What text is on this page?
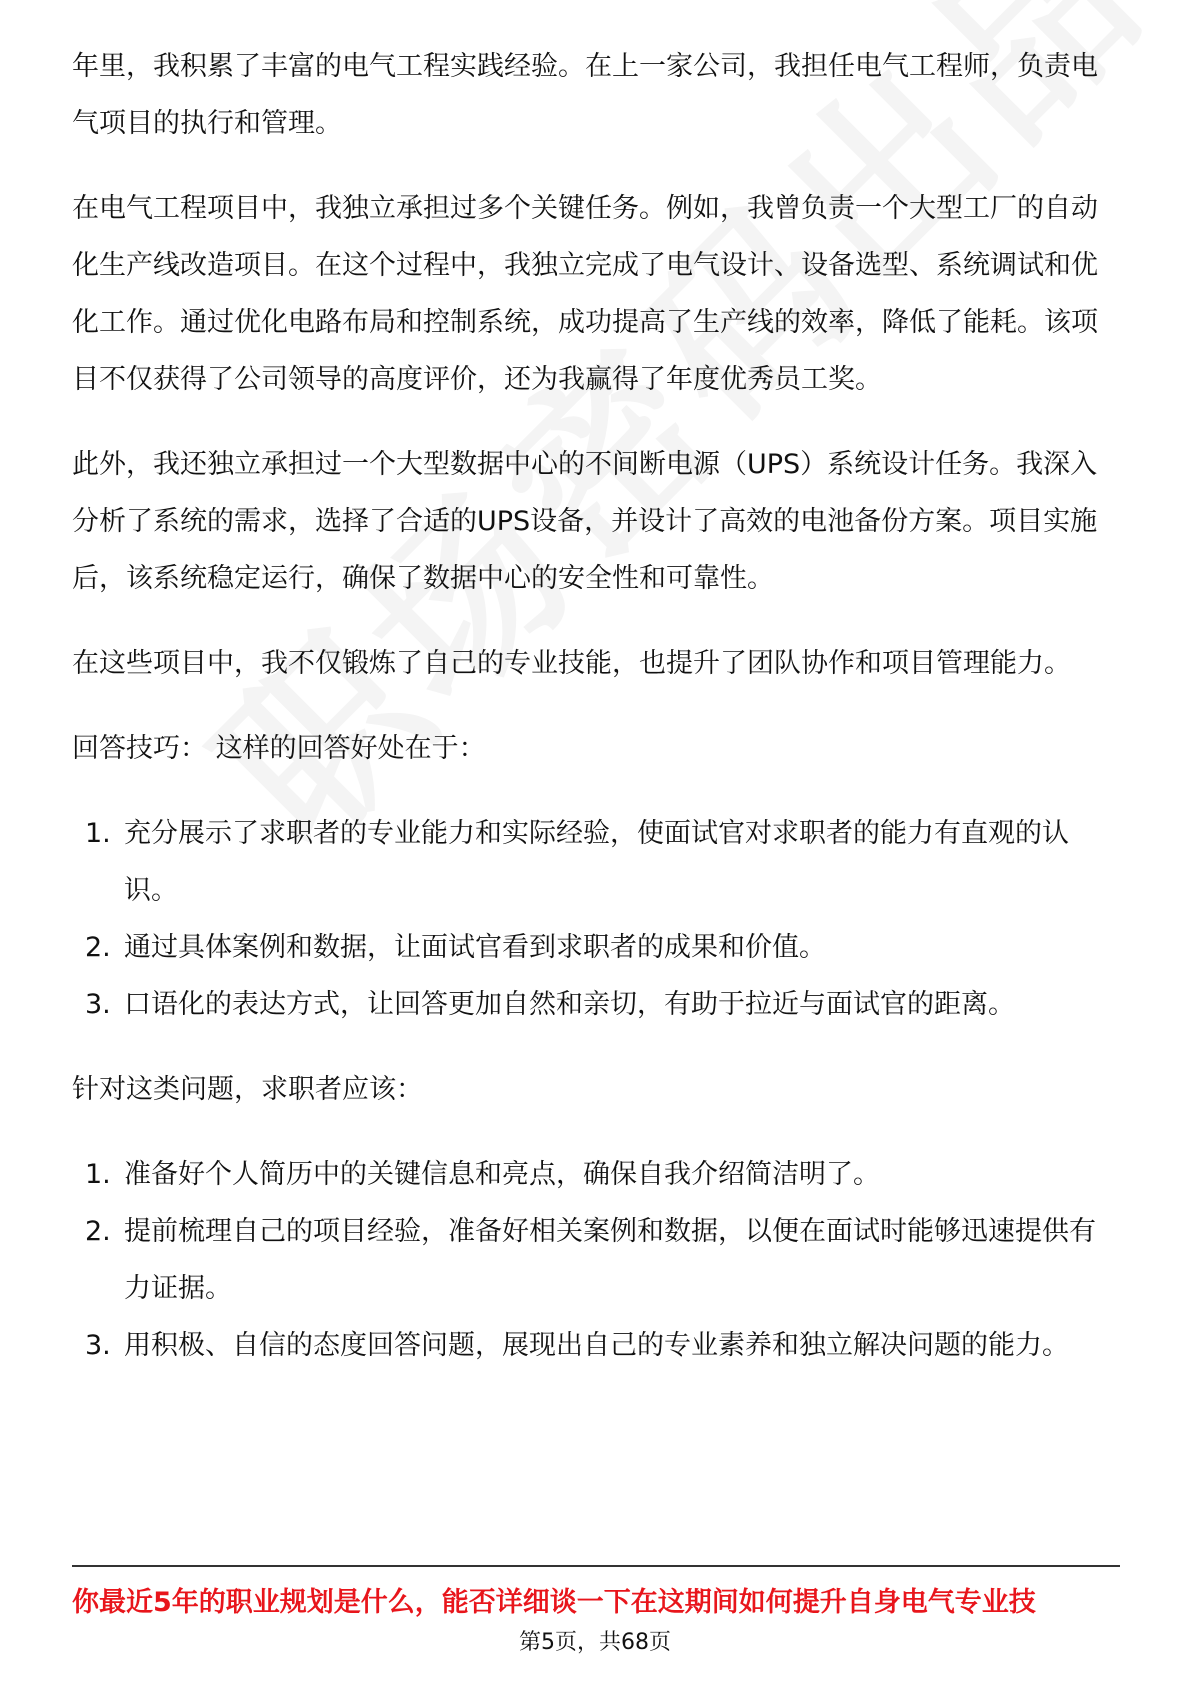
年里，我积累了丰富的电气工程实践经验。在上一家公司，我担任电气工程师，负责电气项目的执行和管理。

在电气工程项目中，我独立承担过多个关键任务。例如，我曾负责一个大型工厂的自动化生产线改造项目。在这个过程中，我独立完成了电气设计、设备选型、系统调试和优化工作。通过优化电路布局和控制系统，成功提高了生产线的效率，降低了能耗。该项目不仅获得了公司领导的高度评价，还为我赢得了年度优秀员工奖。

此外，我还独立承担过一个大型数据中心的不间断电源（UPS）系统设计任务。我深入分析了系统的需求，选择了合适的UPS设备，并设计了高效的电池备份方案。项目实施后，该系统稳定运行，确保了数据中心的安全性和可靠性。

在这些项目中，我不仅锻炼了自己的专业技能，也提升了团队协作和项目管理能力。

回答技巧： 这样的回答好处在于：

1. 充分展示了求职者的专业能力和实际经验，使面试官对求职者的能力有直观的认识。
2. 通过具体案例和数据，让面试官看到求职者的成果和价值。
3. 口语化的表达方式，让回答更加自然和亲切，有助于拉近与面试官的距离。

针对这类问题，求职者应该：

1. 准备好个人简历中的关键信息和亮点，确保自我介绍简洁明了。
2. 提前梳理自己的项目经验，准备好相关案例和数据，以便在面试时能够迅速提供有力证据。
3. 用积极、自信的态度回答问题，展现出自己的专业素养和独立解决问题的能力。
你最近5年的职业规划是什么，能否详细谈一下在这期间如何提升自身电气专业技
第5页，共68页
